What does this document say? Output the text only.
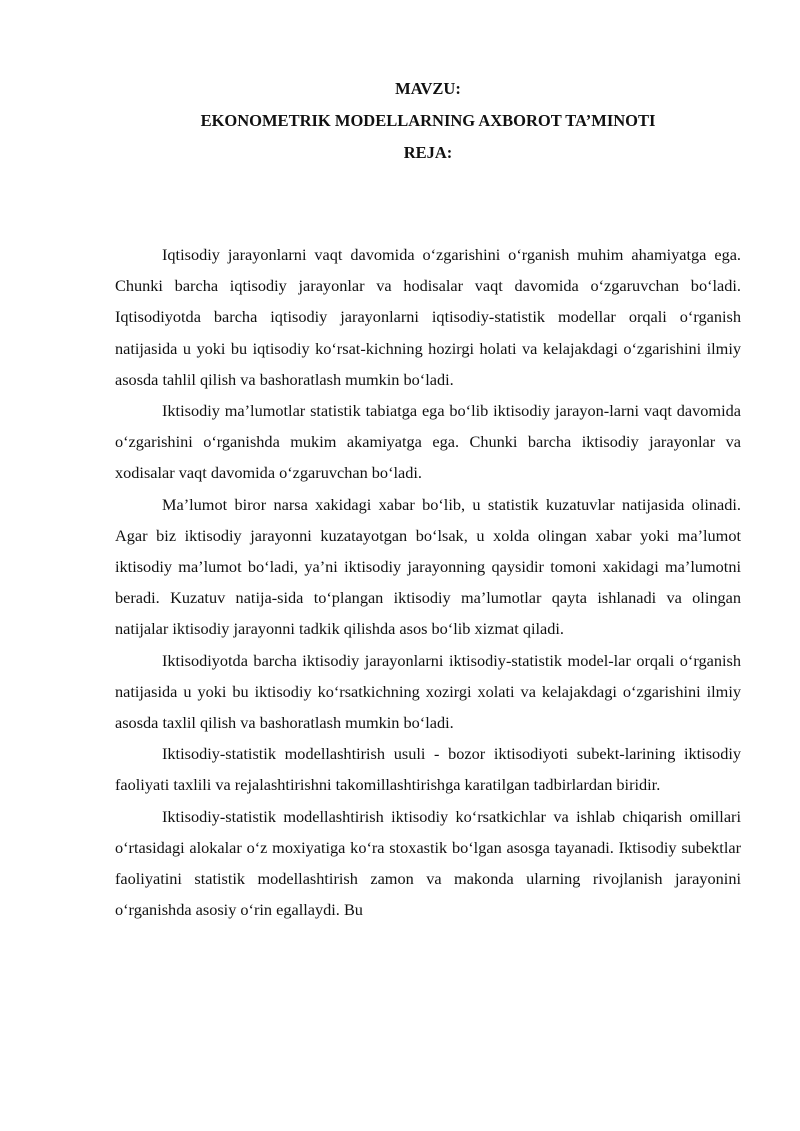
MAVZU:

EKONOMETRIK MODELLARNING AXBOROT TA’MINOTI

REJA:

Iqtisodiy jarayonlarni vaqt davomida o‘zgarishini o‘rganish muhim ahamiyatga ega. Chunki barcha iqtisodiy jarayonlar va hodisalar vaqt davomida o‘zgaruvchan bo‘ladi. Iqtisodiyotda barcha iqtisodiy jarayonlarni iqtisodiy-statistik modellar orqali o‘rganish natijasida u yoki bu iqtisodiy ko‘rsat-kichning hozirgi holati va kelajakdagi o‘zgarishini ilmiy asosda tahlil qilish va bashoratlash mumkin bo‘ladi.

Iktisodiy ma’lumotlar statistik tabiatga ega bo‘lib iktisodiy jarayon-larni vaqt davomida o‘zgarishini o‘rganishda mukim akamiyatga ega. Chunki barcha iktisodiy jarayonlar va xodisalar vaqt davomida o‘zgaruvchan bo‘ladi.

Ma’lumot biror narsa xakidagi xabar bo‘lib, u statistik kuzatuvlar natijasida olinadi. Agar biz iktisodiy jarayonni kuzatayotgan bo‘lsak, u xolda olingan xabar yoki ma’lumot iktisodiy ma’lumot bo‘ladi, ya’ni iktisodiy jarayonning qaysidir tomoni xakidagi ma’lumotni beradi. Kuzatuv natija-sida to‘plangan iktisodiy ma’lumotlar qayta ishlanadi va olingan natijalar iktisodiy jarayonni tadkik qilishda asos bo‘lib xizmat qiladi.

Iktisodiyotda barcha iktisodiy jarayonlarni iktisodiy-statistik model-lar orqali o‘rganish natijasida u yoki bu iktisodiy ko‘rsatkichning xozirgi xolati va kelajakdagi o‘zgarishini ilmiy asosda taxlil qilish va bashoratlash mumkin bo‘ladi.

Iktisodiy-statistik modellashtirish usuli - bozor iktisodiyoti subekt-larining iktisodiy faoliyati taxlili va rejalashtirishni takomillashtirishga karatilgan tadbirlardan biridir.

Iktisodiy-statistik modellashtirish iktisodiy ko‘rsatkichlar va ishlab chiqarish omillari o‘rtasidagi alokalar o‘z moxiyatiga ko‘ra stoxastik bo‘lgan asosga tayanadi. Iktisodiy subektlar faoliyatini statistik modellashtirish zamon va makonda ularning rivojlanish jarayonini o‘rganishda asosiy o‘rin egallaydi. Bu
